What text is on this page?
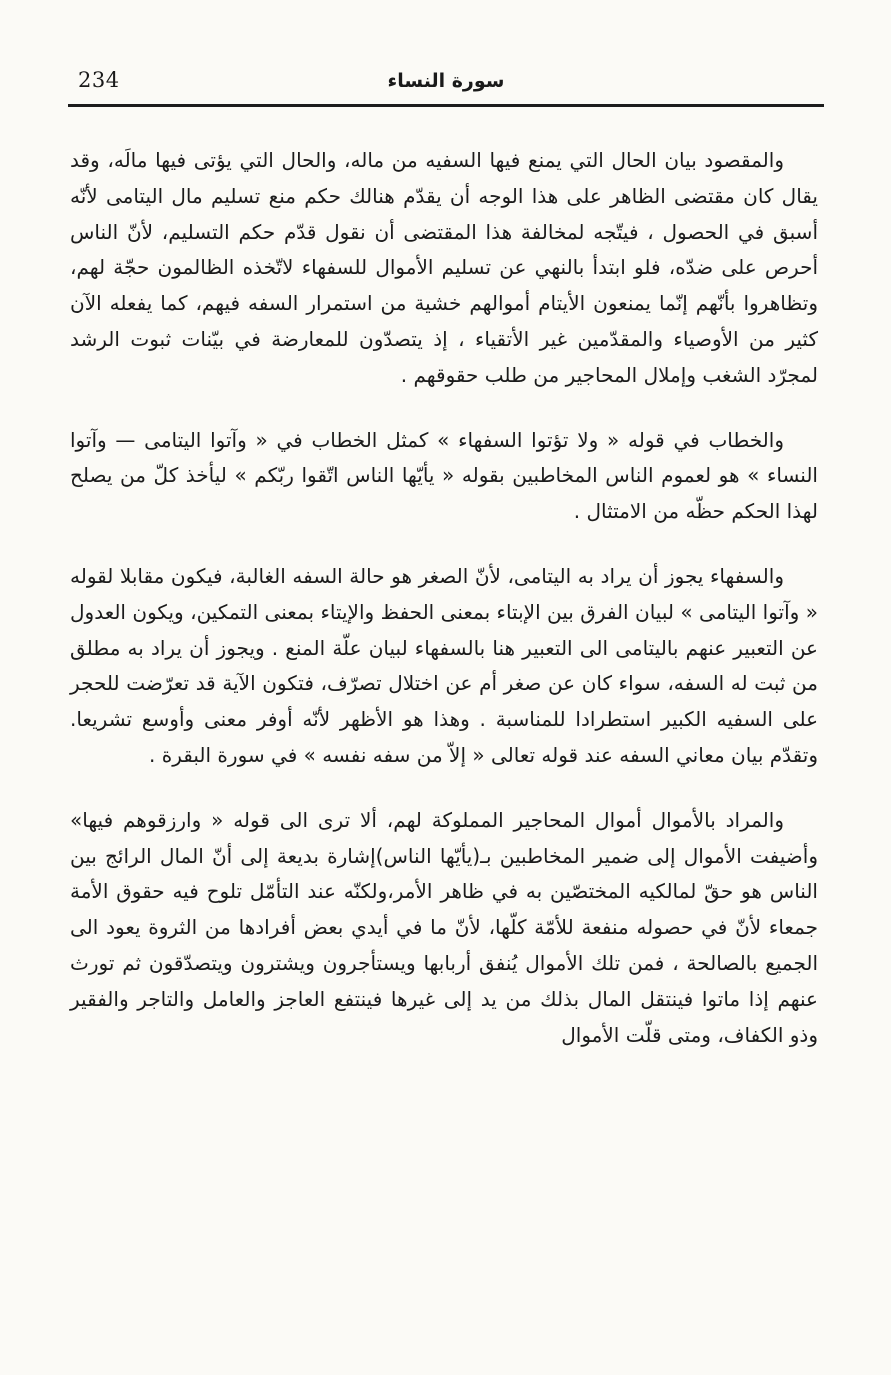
234	سورة النساء

والمقصود بيان الحال التي يمنع فيها السفيه من ماله، والحال التي يؤتى فيها مالَه، وقد يقال كان مقتضى الظاهر على هذا الوجه أن يقدّم هنالك حكم منع تسليم مال اليتامى لأنّه أسبق في الحصول ، فيتّجه لمخالفة هذا المقتضى أن نقول قدّم حكم التسليم، لأنّ الناس أحرص على ضدّه، فلو ابتدأ بالنهي عن تسليم الأموال للسفهاء لاتّخذه الظالمون حجّة لهم، وتظاهروا بأنّهم إنّما يمنعون الأيتام أموالهم خشية من استمرار السفه فيهم، كما يفعله الآن كثير من الأوصياء والمقدّمين غير الأتقياء ، إذ يتصدّون للمعارضة في بيّنات ثبوت الرشد لمجرّد الشغب وإملال المحاجير من طلب حقوقهم .

والخطاب في قوله « ولا تؤتوا السفهاء » كمثل الخطاب في « وآتوا اليتامى — وآتوا النساء » هو لعموم الناس المخاطبين بقوله « يأيّها الناس اتّقوا ربّكم » ليأخذ كلّ من يصلح لهذا الحكم حظّه من الامتثال .

والسفهاء يجوز أن يراد به اليتامى، لأنّ الصغر هو حالة السفه الغالبة، فيكون مقابلا لقوله « وآتوا اليتامى » لبيان الفرق بين الإبتاء بمعنى الحفظ والإيتاء بمعنى التمكين، ويكون العدول عن التعبير عنهم باليتامى الى التعبير هنا بالسفهاء لبيان علّة المنع . ويجوز أن يراد به مطلق من ثبت له السفه، سواء كان عن صغر أم عن اختلال تصرّف، فتكون الآية قد تعرّضت للحجر على السفيه الكبير استطرادا للمناسبة . وهذا هو الأظهر لأنّه أوفر معنى وأوسع تشريعا. وتقدّم بيان معاني السفه عند قوله تعالى « إلاّ من سفه نفسه » في سورة البقرة .

والمراد بالأموال أموال المحاجير المملوكة لهم، ألا ترى الى قوله « وارزقوهم فيها» وأضيفت الأموال إلى ضمير المخاطبين بـ(يأيّها الناس)إشارة بديعة إلى أنّ المال الرائج بين الناس هو حقّ لمالكيه المختصّين به في ظاهر الأمر،ولكنّه عند التأمّل تلوح فيه حقوق الأمة جمعاء لأنّ في حصوله منفعة للأمّة كلّها، لأنّ ما في أيدي بعض أفرادها من الثروة يعود الى الجميع بالصالحة ، فمن تلك الأموال يُنفق أربابها ويستأجرون ويشترون ويتصدّقون ثم تورث عنهم إذا ماتوا فينتقل المال بذلك من يد إلى غيرها فينتفع العاجز والعامل والتاجر والفقير وذو الكفاف، ومتى قلّت الأموال
